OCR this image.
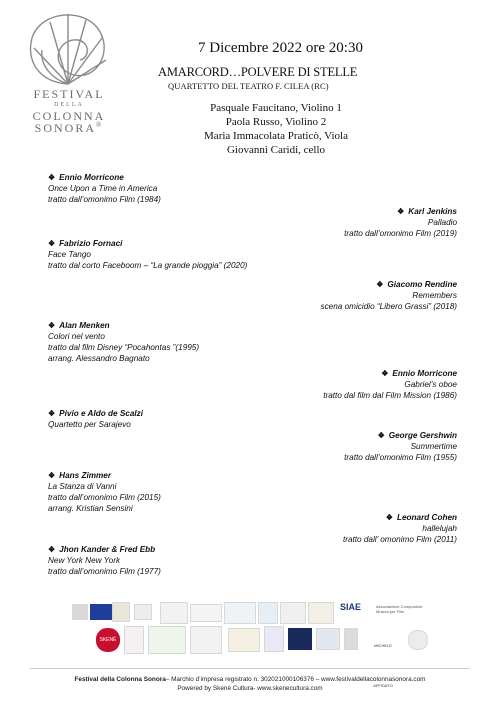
FESTIVAL
DELLA
COLONNA
SONORA®
7 Dicembre 2022 ore 20:30
AMARCORD…POLVERE DI STELLE
QUARTETTO DEL TEATRO F. CILEA (RC)
Pasquale Faucitano, Violino 1
Paola Russo, Violino 2
Maria Immacolata Praticò, Viola
Giovanni Caridi, cello
❖ Ennio Morricone
Once Upon a Time in America
tratto dall’omonimo Film (1984)
❖ Karl Jenkins
Palladio
tratto dall’omonimo Film (2019)
❖ Fabrizio Fornaci
Face Tango
tratto dal corto Faceboom – “La grande pioggia” (2020)
❖ Giacomo Rendine
Remembers
scena omicidio “Libero Grassi” (2018)
❖ Alan Menken
Colori nel vento
tratto dal film Disney “Pocahontas ”(1995)
arrang. Alessandro Bagnato
❖ Ennio Morricone
Gabriel’s oboe
tratto dal film dal Film Mission (1986)
❖ Pivio e Aldo de Scalzi
Quartetto per Sarajevo
❖ George Gershwin
Summertime
tratto dall’omonimo Film (1955)
❖ Hans Zimmer
La Stanza di Vanni
tratto dall’omonimo Film (2015)
arrang. Kristian Sensini
❖ Leonard Cohen
hallelujah
tratto dall’ omonimo Film (2011)
❖ Jhon Kander & Fred Ebb
New York New York
tratto dall’omonimo Film (1977)
SIAE	Associazione Compositori Musica per Film
SKENÈ
MICHELE AFFIDATO
Festival della Colonna Sonora– Marchio d’impresa registrato n. 302021000106376 – www.festivaldellacolonnasonora.com
Powered by Skenè Cultura- www.skenecultura.com
